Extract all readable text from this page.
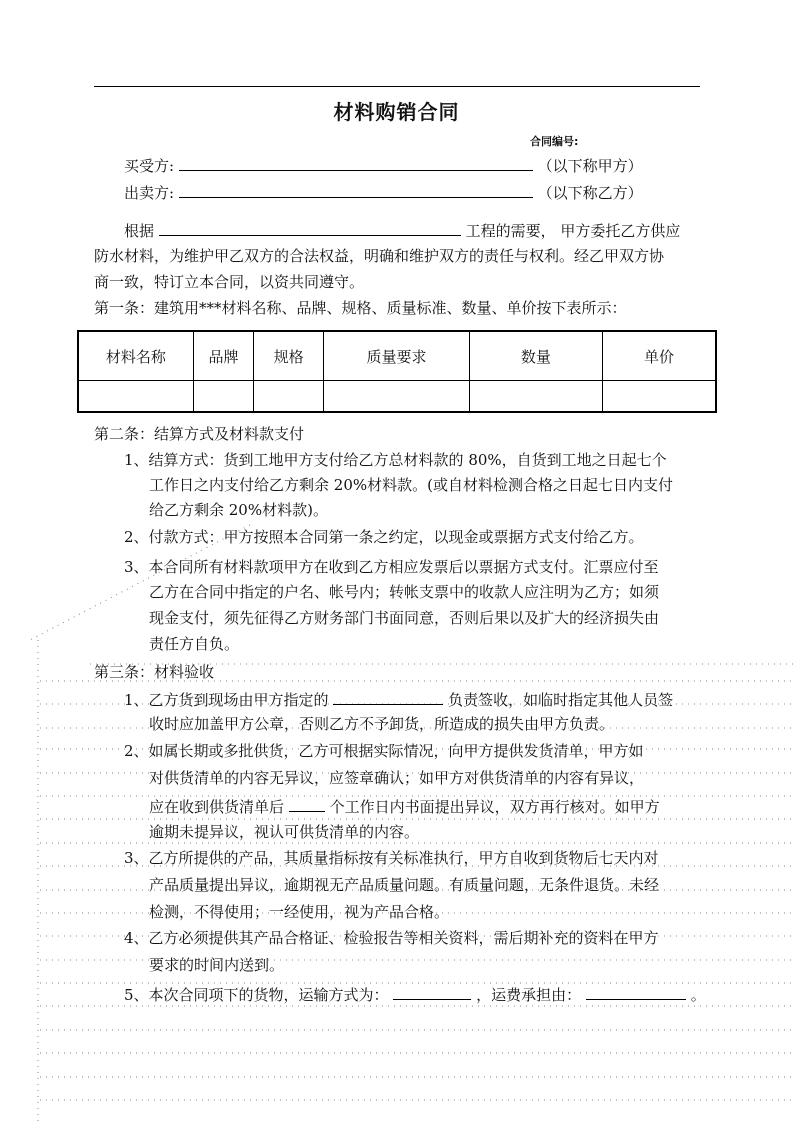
材料购销合同
合同编号:
买受方:	（以下称甲方）
出卖方:	（以下称乙方）
根据	工程的需要， 甲方委托乙方供应
防水材料，为维护甲乙双方的合法权益，明确和维护双方的责任与权利。经乙甲双方协
商一致，特订立本合同，以资共同遵守。
第一条：建筑用***材料名称、品牌、规格、质量标准、数量、单价按下表所示：
材料名称	品牌	规格	质量要求	数量	单价

第二条：结算方式及材料款支付
1、结算方式：货到工地甲方支付给乙方总材料款的 80%，自货到工地之日起七个
工作日之内支付给乙方剩余 20%材料款。(或自材料检测合格之日起七日内支付
给乙方剩余 20%材料款)。
2、付款方式：甲方按照本合同第一条之约定，以现金或票据方式支付给乙方。
3、本合同所有材料款项甲方在收到乙方相应发票后以票据方式支付。汇票应付至
乙方在合同中指定的户名、帐号内；转帐支票中的收款人应注明为乙方；如须
现金支付，须先征得乙方财务部门书面同意，否则后果以及扩大的经济损失由
责任方自负。
第三条：材料验收
1、乙方货到现场由甲方指定的	负责签收，如临时指定其他人员签
收时应加盖甲方公章，否则乙方不予卸货，所造成的损失由甲方负责。
2、如属长期或多批供货，乙方可根据实际情况，向甲方提供发货清单，甲方如
对供货清单的内容无异议，应签章确认；如甲方对供货清单的内容有异议，
应在收到供货清单后	个工作日内书面提出异议，双方再行核对。如甲方
逾期未提异议，视认可供货清单的内容。
3、乙方所提供的产品，其质量指标按有关标准执行，甲方自收到货物后七天内对
产品质量提出异议，逾期视无产品质量问题。有质量问题，无条件退货。未经
检测，不得使用；一经使用，视为产品合格。
4、乙方必须提供其产品合格证、检验报告等相关资料，需后期补充的资料在甲方
要求的时间内送到。
5、本次合同项下的货物，运输方式为：	，运费承担由：	。
